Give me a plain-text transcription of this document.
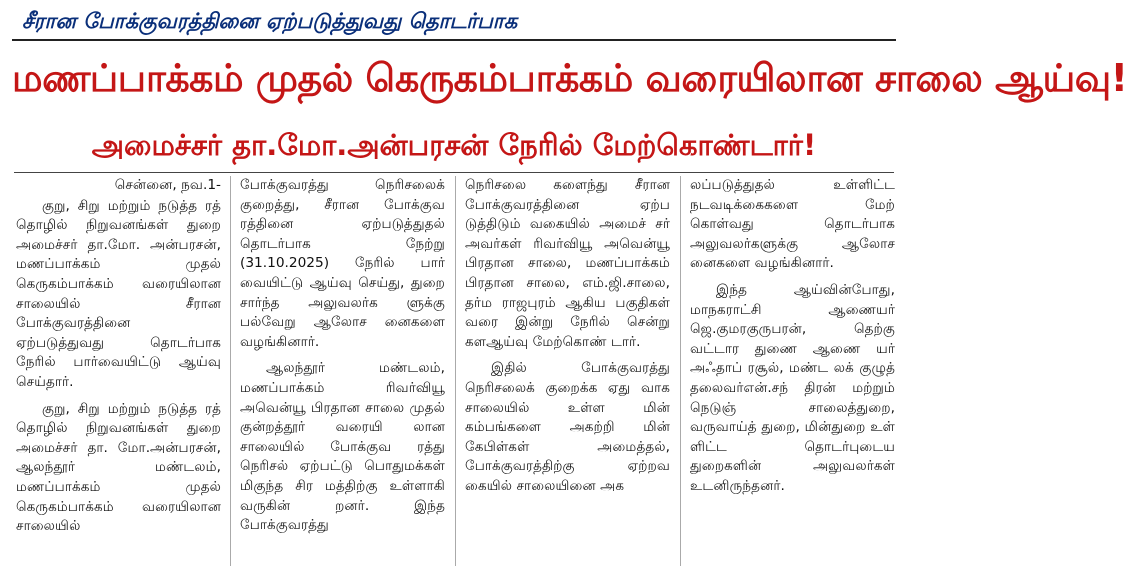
சீரான போக்குவரத்தினை ஏற்படுத்துவது தொடர்பாக
மணப்பாக்கம் முதல் கெருகம்பாக்கம் வரையிலான சாலை ஆய்வு!
அமைச்சர் தா.மோ.அன்பரசன் நேரில் மேற்கொண்டார்!

சென்னை, நவ.1-

குறு, சிறு மற்றும் நடுத்த ரத் தொழில் நிறுவனங்கள் துறை அமைச்சர் தா.மோ. அன்பரசன், மணப்பாக்கம் முதல் கெருகம்பாக்கம் வரையிலான சாலையில் சீரான போக்குவரத்தினை ஏற்படுத்துவது தொடர்பாக நேரில் பார்வையிட்டு ஆய்வு செய்தார்.

குறு, சிறு மற்றும் நடுத்த ரத் தொழில் நிறுவனங்கள் துறை அமைச்சர் தா. மோ.அன்பரசன், ஆலந்தூர் மண்டலம், மணப்பாக்கம் முதல் கெருகம்பாக்கம் வரையிலான சாலையில்

போக்குவரத்து நெரிசலைக் குறைத்து, சீரான போக்குவ ரத்தினை ஏற்படுத்துதல் தொடர்பாக நேற்று (31.10.2025) நேரில் பார் வையிட்டு ஆய்வு செய்து, துறை சார்ந்த அலுவலர்க ளுக்கு பல்வேறு ஆலோச னைகளை வழங்கினார்.

ஆலந்தூர் மண்டலம், மணப்பாக்கம் ரிவர்வியூ அவென்யூ பிரதான சாலை முதல் குன்றத்தூர் வரையி லான சாலையில் போக்குவ ரத்து நெரிசல் ஏற்பட்டு பொதுமக்கள் மிகுந்த சிர மத்திற்கு உள்ளாகி வருகின் றனர். இந்த போக்குவரத்து

நெரிசலை களைந்து சீரான போக்குவரத்தினை ஏற்ப டுத்திடும் வகையில் அமைச் சர் அவர்கள் ரிவர்வியூ அவென்யூ பிரதான சாலை, மணப்பாக்கம் பிரதான சாலை, எம்.ஜி.சாலை, தர்ம ராஜபுரம் ஆகிய பகுதிகள் வரை இன்று நேரில் சென்று களஆய்வு மேற்கொண் டார்.

இதில் போக்குவரத்து நெரிசலைக் குறைக்க ஏது வாக சாலையில் உள்ள மின் கம்பங்களை அகற்றி மின் கேபிள்கள் அமைத்தல், போக்குவரத்திற்கு ஏற்றவ கையில் சாலையினை அக

லப்படுத்துதல் உள்ளிட்ட நடவடிக்கைகளை மேற் கொள்வது தொடர்பாக அலுவலர்களுக்கு ஆலோச னைகளை வழங்கினார்.

இந்த ஆய்வின்போது, மாநகராட்சி ஆணையர் ஜெ.குமரகுருபரன், தெற்கு வட்டார துணை ஆணை யர் அஃதாப் ரசூல், மண்ட லக் குழுத் தலைவர்என்.சந் திரன் மற்றும் நெடுஞ் சாலைத்துறை, வருவாய்த் துறை, மின்துறை உள் ளிட்ட தொடர்புடைய துறைகளின் அலுவலர்கள் உடனிருந்தனர்.
